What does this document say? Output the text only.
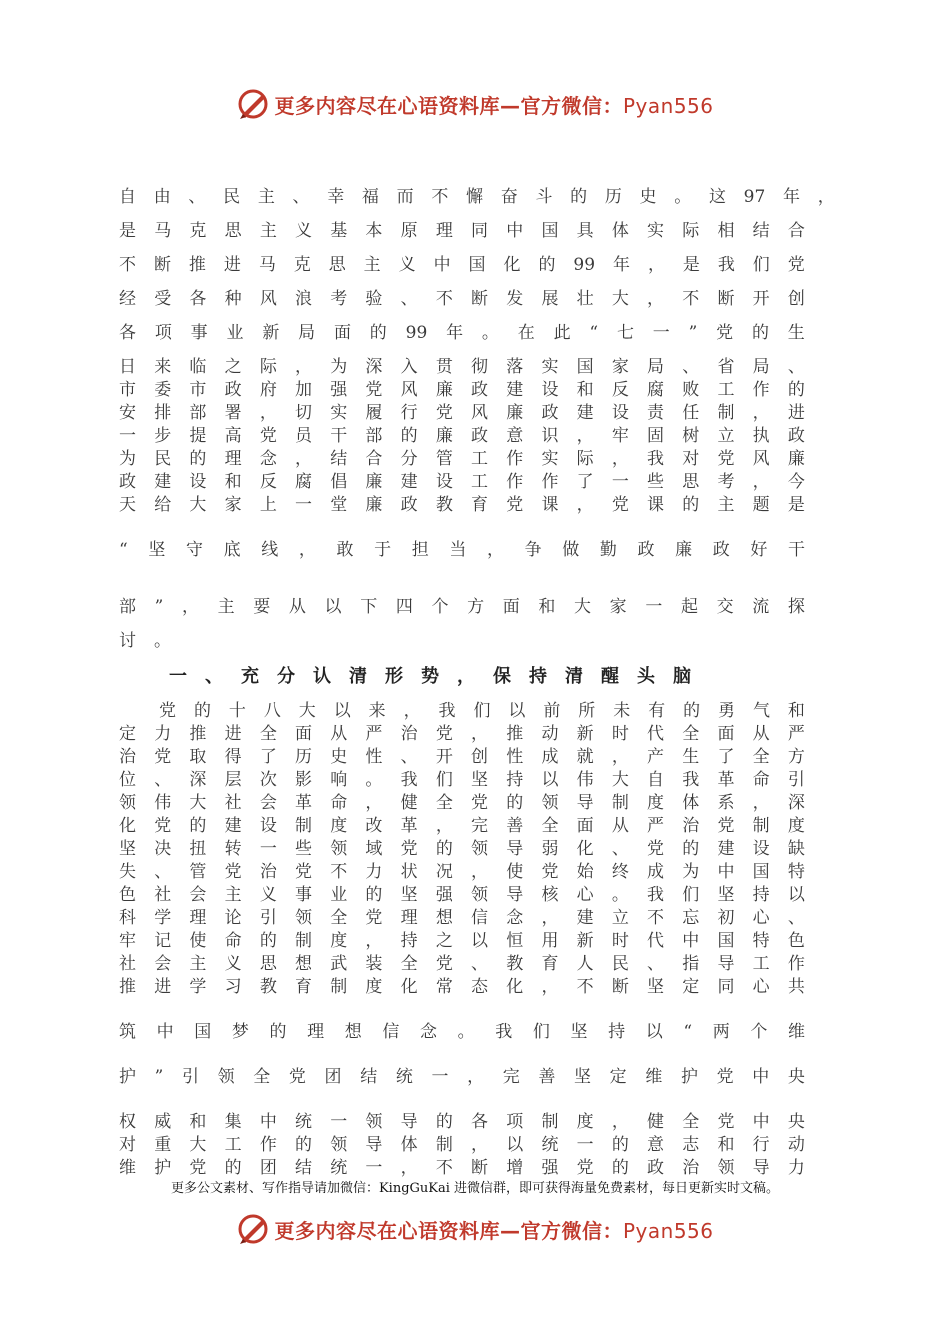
更多内容尽在心语资料库—官方微信：Pyan556
自 由 、 民 主 、 幸 福 而 不 懈 奋 斗 的 历 史 。 这 97 年 ，
是 马 克 思 主 义 基 本 原 理 同 中 国 具 体 实 际 相 结 合
不 断 推 进 马 克 思 主 义 中 国 化 的 99 年 ， 是 我 们 党
经 受 各 种 风 浪 考 验 、 不 断 发 展 壮 大 ， 不 断 开 创
各 项 事 业 新 局 面 的 99 年 。 在 此 “ 七 一 ” 党 的 生
日 来 临 之 际 ， 为 深 入 贯 彻 落 实 国 家 局 、 省 局 、
市 委 市 政 府 加 强 党 风 廉 政 建 设 和 反 腐 败 工 作 的
安 排 部 署 ， 切 实 履 行 党 风 廉 政 建 设 责 任 制 ， 进
一 步 提 高 党 员 干 部 的 廉 政 意 识 ， 牢 固 树 立 执 政
为 民 的 理 念 ， 结 合 分 管 工 作 实 际 ， 我 对 党 风 廉
政 建 设 和 反 腐 倡 廉 建 设 工 作 作 了 一 些 思 考 ， 今
天 给 大 家 上 一 堂 廉 政 教 育 党 课 ， 党 课 的 主 题 是
“ 坚 守 底 线 ， 敢 于 担 当 ， 争 做 勤 政 廉 政 好 干
部 ” ， 主 要 从 以 下 四 个 方 面 和 大 家 一 起 交 流 探
讨 。
一 、 充 分 认 清 形 势 ， 保 持 清 醒 头 脑
党 的 十 八 大 以 来 ， 我 们 以 前 所 未 有 的 勇 气 和
定 力 推 进 全 面 从 严 治 党 ， 推 动 新 时 代 全 面 从 严
治 党 取 得 了 历 史 性 、 开 创 性 成 就 ， 产 生 了 全 方
位 、 深 层 次 影 响 。 我 们 坚 持 以 伟 大 自 我 革 命 引
领 伟 大 社 会 革 命 ， 健 全 党 的 领 导 制 度 体 系 ， 深
化 党 的 建 设 制 度 改 革 ， 完 善 全 面 从 严 治 党 制 度
坚 决 扭 转 一 些 领 域 党 的 领 导 弱 化 、 党 的 建 设 缺
失 、 管 党 治 党 不 力 状 况 ， 使 党 始 终 成 为 中 国 特
色 社 会 主 义 事 业 的 坚 强 领 导 核 心 。 我 们 坚 持 以
科 学 理 论 引 领 全 党 理 想 信 念 ， 建 立 不 忘 初 心 、
牢 记 使 命 的 制 度 ， 持 之 以 恒 用 新 时 代 中 国 特 色
社 会 主 义 思 想 武 装 全 党 、 教 育 人 民 、 指 导 工 作
推 进 学 习 教 育 制 度 化 常 态 化 ， 不 断 坚 定 同 心 共
筑 中 国 梦 的 理 想 信 念 。 我 们 坚 持 以 “ 两 个 维
护 ” 引 领 全 党 团 结 统 一 ， 完 善 坚 定 维 护 党 中 央
权 威 和 集 中 统 一 领 导 的 各 项 制 度 ， 健 全 党 中 央
对 重 大 工 作 的 领 导 体 制 ， 以 统 一 的 意 志 和 行 动
维 护 党 的 团 结 统 一 ， 不 断 增 强 党 的 政 治 领 导 力
更多公文素材、写作指导请加微信：KingGuKai 进微信群，即可获得海量免费素材，每日更新实时文稿。
更多内容尽在心语资料库—官方微信：Pyan556
